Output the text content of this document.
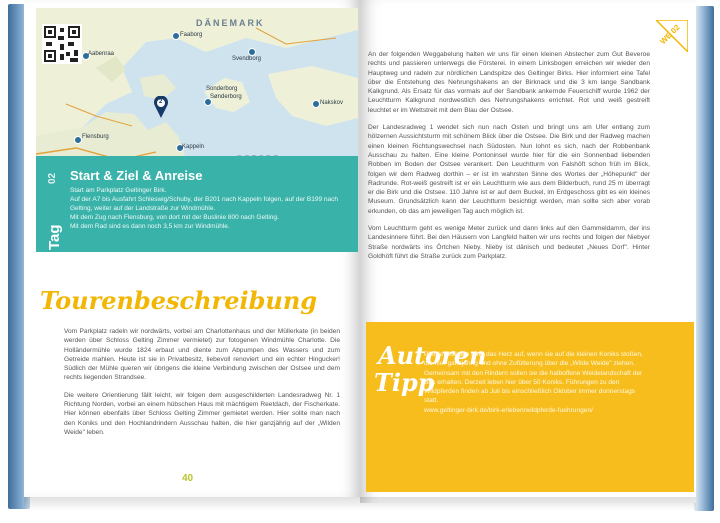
DÄNEMARK
Faaborg
Aabenraa
Svendborg
Sonderborg
Sønderborg
Flensburg
Nakskov
Kappeln
2
Start & Ziel & Anreise
Start am Parkplatz Geltinger Birk.
Auf der A7 bis Ausfahrt Schleswig/Schuby, der B201 nach Kappeln folgen, auf der B199 nach Gelting, weiter auf der Landstraße zur Windmühle.
Mit dem Zug nach Flensburg, von dort mit der Buslinie 800 nach Gelting.
Mit dem Rad sind es dann noch 3,5 km zur Windmühle.
Tag
02
Tourenbeschreibung

Vom Parkplatz radeln wir nordwärts, vorbei am Charlottenhaus und der Müllerkate (in beiden werden über Schloss Gelting Zimmer vermietet) zur fotogenen Windmühle Charlotte. Die Holländermühle wurde 1824 erbaut und diente zum Abpumpen des Wassers und zum Getreide mahlen. Heute ist sie in Privatbesitz, liebevoll renoviert und ein echter Hingucker! Südlich der Mühle queren wir übrigens die kleine Verbindung zwischen der Ostsee und dem rechts liegenden Strandsee.

Die weitere Orientierung fällt leicht, wir folgen dem ausgeschilderten Landesradweg Nr. 1 Richtung Norden, vorbei an einem hübschen Haus mit mächtigem Reetdach, der Fischerkate. Hier können ebenfalls über Schloss Gelting Zimmer gemietet werden. Hier sollte man nach den Koniks und den Hochlandrindern Ausschau halten, die hier ganzjährig auf der „Wilden Weide" leben.

40
WE 02

An der folgenden Weggabelung halten wir uns für einen kleinen Abstecher zum Gut Beveroe rechts und passieren unterwegs die Försterei. In einem Linksbogen erreichen wir wieder den Hauptweg und radeln zur nördlichen Landspitze des Geltinger Birks. Hier informiert eine Tafel über die Entstehung des Nehrungshakens an der Birknack und die 3 km lange Sandbank Kalkgrund. Als Ersatz für das vormals auf der Sandbank ankernde Feuerschiff wurde 1962 der Leuchtturm Kalkgrund nordwestlich des Nehrungshakens errichtet. Rot und weiß gestreift leuchtet er im Wettstreit mit dem Blau der Ostsee.

Der Landesradweg 1 wendet sich nun nach Osten und bringt uns am Ufer entlang zum hölzernen Aussichtsturm mit schönem Blick über die Ostsee. Die Birk und der Radweg machen einen kleinen Richtungswechsel nach Südosten. Nun lohnt es sich, nach der Robbenbank Ausschau zu halten. Eine kleine Pontoninsel wurde hier für die ein Sonnenbad liebenden Robben im Boden der Ostsee verankert. Den Leuchtturm von Falshöft schon früh im Blick, folgen wir dem Radweg dorthin – er ist im wahrsten Sinne des Wortes der „Höhepunkt" der Radrunde. Rot-weiß gestreift ist er ein Leuchtturm wie aus dem Bilderbuch, rund 25 m überragt er die Birk und die Ostsee. 110 Jahre ist er auf dem Buckel, im Erdgeschoss gibt es ein kleines Museum. Grundsätzlich kann der Leuchtturm besichtigt werden, man sollte sich aber vorab erkunden, ob das am jeweiligen Tag auch möglich ist.

Vom Leuchtturm geht es wenige Meter zurück und dann links auf den Gammeldamm, der ins Landesinnere führt. Bei den Häusern von Langfeld halten wir uns rechts und folgen der Niebyer Straße nordwärts ins Örtchen Nieby. Nieby ist dänisch und bedeutet „Neues Dorf". Hinter Goldhöft führt die Straße zurück zum Parkplatz.

Autoren
Tipp
Pferdefreunden geht das Herz auf, wenn sie auf die kleinen Koniks stoßen, die hier ganzjährig und ohne Zufütterung über die „Wilde Weide" ziehen. Gemeinsam mit den Rindern sollen sie die halboffene Weidelandschaft der Birk erhalten. Derzeit leben hier über 50 Koniks. Führungen zu den Wildpferden finden ab Juli bis einschließlich Oktober immer donnerstags statt.
www.geltinger-birk.de/birk-erleben/wildpferde-fuehrungen/
